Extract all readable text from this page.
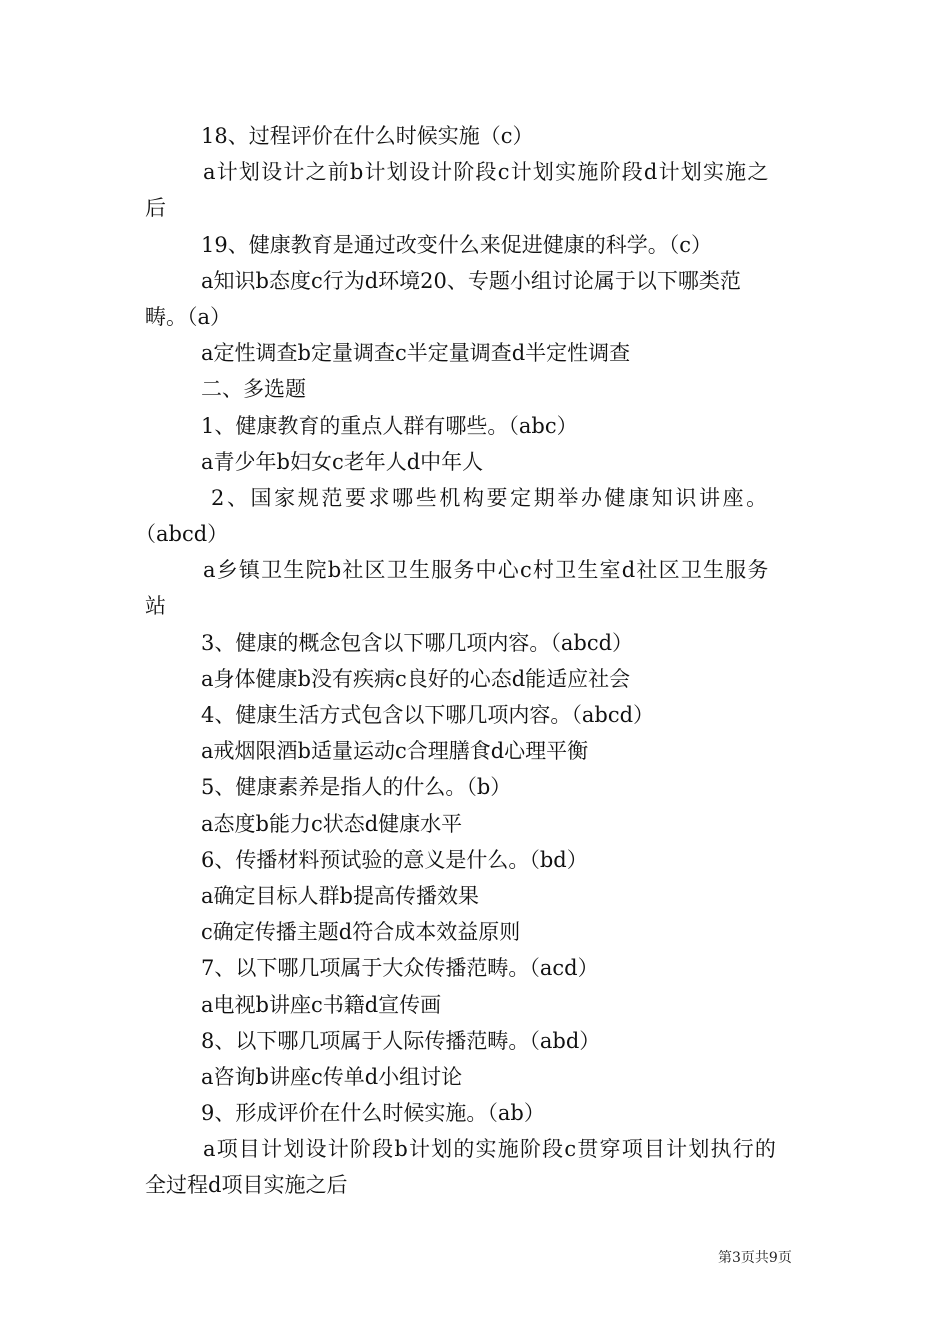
18、过程评价在什么时候实施（c）
a计划设计之前b计划设计阶段c计划实施阶段d计划实施之
后
19、健康教育是通过改变什么来促进健康的科学。（c）
a知识b态度c行为d环境20、专题小组讨论属于以下哪类范
畴。（a）
a定性调查b定量调查c半定量调查d半定性调查
二、多选题
1、健康教育的重点人群有哪些。（abc）
a青少年b妇女c老年人d中年人
2、国家规范要求哪些机构要定期举办健康知识讲座。
（abcd）
a乡镇卫生院b社区卫生服务中心c村卫生室d社区卫生服务
站
3、健康的概念包含以下哪几项内容。（abcd）
a身体健康b没有疾病c良好的心态d能适应社会
4、健康生活方式包含以下哪几项内容。（abcd）
a戒烟限酒b适量运动c合理膳食d心理平衡
5、健康素养是指人的什么。（b）
a态度b能力c状态d健康水平
6、传播材料预试验的意义是什么。（bd）
a确定目标人群b提高传播效果
c确定传播主题d符合成本效益原则
7、以下哪几项属于大众传播范畴。（acd）
a电视b讲座c书籍d宣传画
8、以下哪几项属于人际传播范畴。（abd）
a咨询b讲座c传单d小组讨论
9、形成评价在什么时候实施。（ab）
a项目计划设计阶段b计划的实施阶段c贯穿项目计划执行的
全过程d项目实施之后
第3页共9页
